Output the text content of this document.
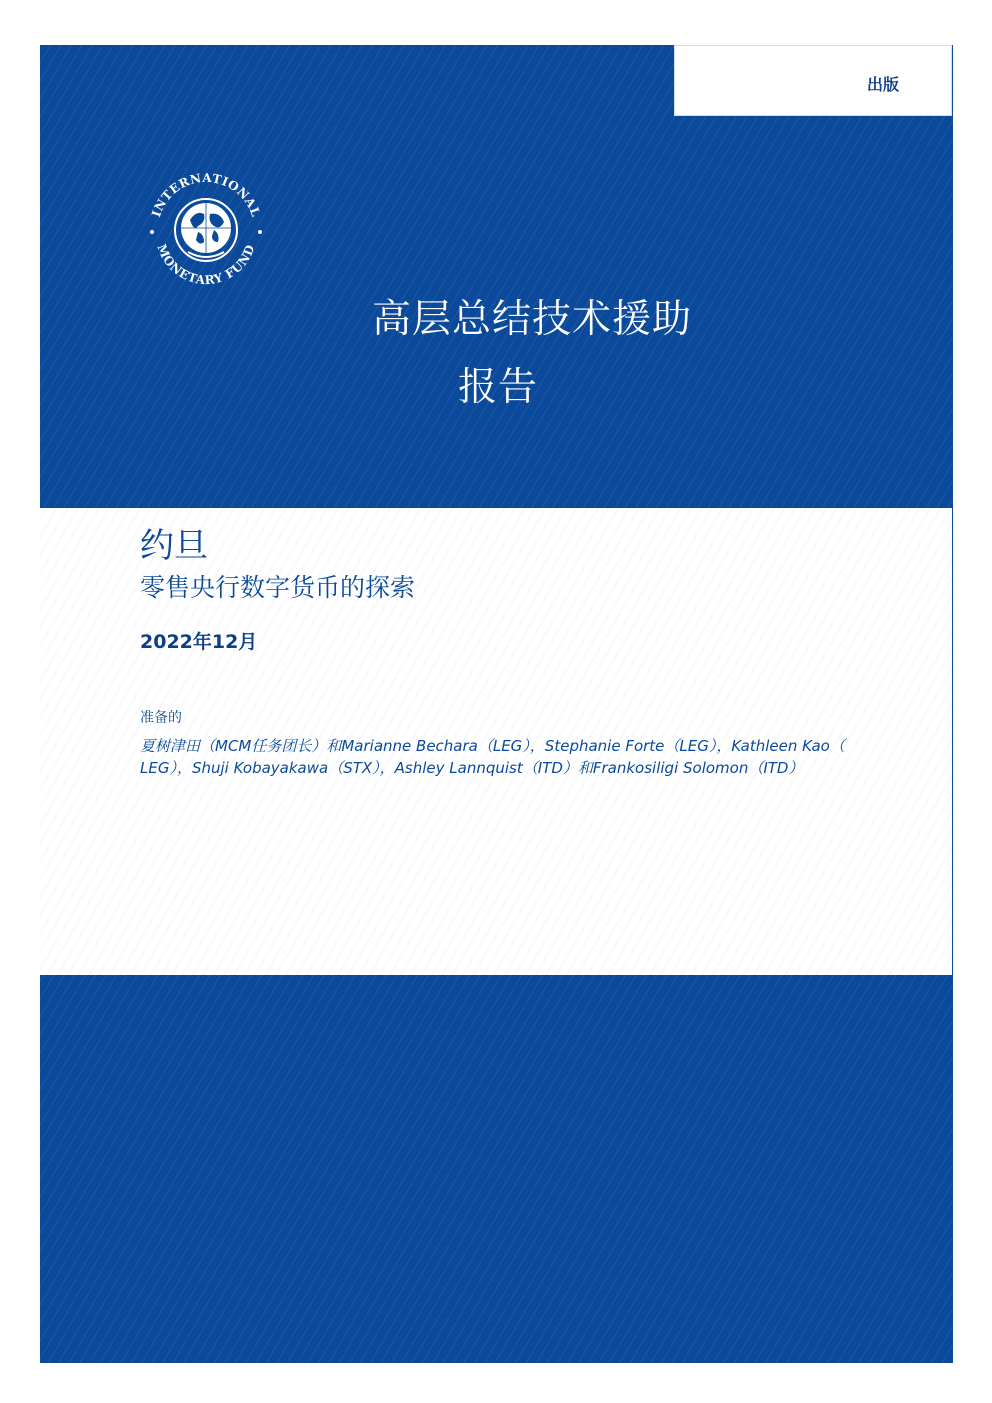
出版
INTERNATIONAL
MONETARY FUND
高层总结技术援助
报告
约旦
零售央行数字货币的探索
2022年12月
准备的
夏树津田（MCM任务团长）和Marianne Bechara（LEG），Stephanie Forte（LEG），Kathleen Kao（
LEG），Shuji Kobayakawa（STX），Ashley Lannquist（ITD）和Frankosiligi Solomon（ITD）
